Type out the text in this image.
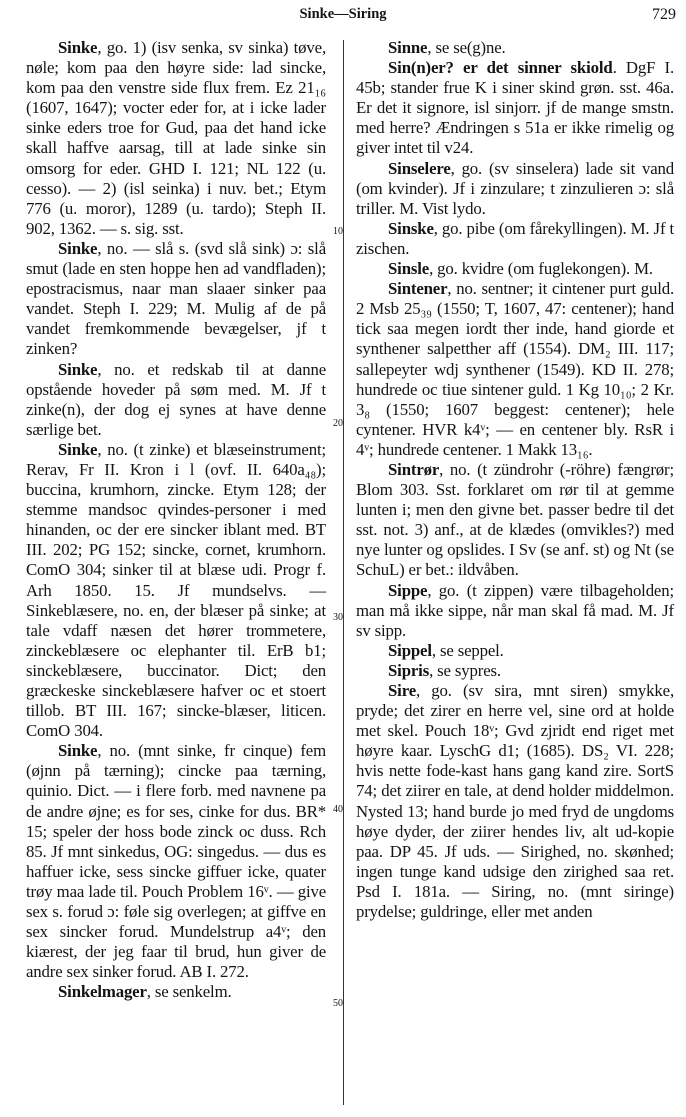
Sinke—Siring	729
10
20
30
40
50

Sinke, go. 1) (isv senka, sv sinka) tøve, nøle; kom paa den høyre side: lad sincke, kom paa den venstre side flux frem. Ez 21₁₆ (1607, 1647); vocter eder for, at i icke lader sinke eders troe for Gud, paa det hand icke skall haffve aarsag, till at lade sinke sin omsorg for eder. GHD I. 121; NL 122 (u. cesso). — 2) (isl seinka) i nuv. bet.; Etym 776 (u. moror), 1289 (u. tardo); Steph II. 902, 1362. — s. sig. sst.

Sinke, no. — slå s. (svd slå sink) ɔ: slå smut (lade en sten hoppe hen ad vandfladen); epostracismus, naar man slaaer sinker paa vandet. Steph I. 229; M. Mulig af de på vandet fremkommende bevægelser, jf t zinken?

Sinke, no. et redskab til at danne opstående hoveder på søm med. M. Jf t zinke(n), der dog ej synes at have denne særlige bet.

Sinke, no. (t zinke) et blæseinstrument; Rerav, Fr II. Kron i l (ovf. II. 640a₄₈); buccina, krumhorn, zincke. Etym 128; der stemme mandsoc qvindes-personer i med hinanden, oc der ere sincker iblant med. BT III. 202; PG 152; sincke, cornet, krumhorn. ComO 304; sinker til at blæse udi. Progr f. Arh 1850. 15. Jf mundselvs. — Sinkeblæsere, no. en, der blæser på sinke; at tale vdaff næsen det hører trommetere, zinckeblæsere oc elephanter til. ErB b1; sinckeblæsere, buccinator. Dict; den græckeske sinckeblæsere hafver oc et stoert tillob. BT III. 167; sincke-blæser, liticen. ComO 304.

Sinke, no. (mnt sinke, fr cinque) fem (øjnn på tærning); cincke paa tærning, quinio. Dict. — i flere forb. med navnene pa de andre øjne; es for ses, cinke for dus. BR* 15; speler der hoss bode zinck oc duss. Rch 85. Jf mnt sinkedus, OG: singedus. — dus es haffuer icke, sess sincke giffuer icke, quater trøy maa lade til. Pouch Problem 16ᵛ. — give sex s. forud ɔ: føle sig overlegen; at giffve en sex sincker forud. Mundelstrup a4ᵛ; den kiærest, der jeg faar til brud, hun giver de andre sex sinker forud. AB I. 272.

Sinkelmager, se senkelm.

Sinne, se se(g)ne.

Sin(n)er? er det sinner skiold. DgF I. 45b; stander frue K i siner skind grøn. sst. 46a. Er det it signore, isl sinjorr. jf de mange smstn. med herre? Ændringen s 51a er ikke rimelig og giver intet til v24.

Sinselere, go. (sv sinselera) lade sit vand (om kvinder). Jf i zinzulare; t zinzulieren ɔ: slå triller. M. Vist lydo.

Sinske, go. pibe (om fårekyllingen). M. Jf t zischen.

Sinsle, go. kvidre (om fuglekongen). M.

Sintener, no. sentner; it cintener purt guld. 2 Msb 25₃₉ (1550; T, 1607, 47: centener); hand tick saa megen iordt ther inde, hand giorde et synthener salpetther aff (1554). DM₂ III. 117; sallepeyter wdj synthener (1549). KD II. 278; hundrede oc tiue sintener guld. 1 Kg 10₁₀; 2 Kr. 3₈ (1550; 1607 beggest: centener); hele cyntener. HVR k4ᵛ; — en centener bly. RsR i 4ᵛ; hundrede centener. 1 Makk 13₁₆.

Sintrør, no. (t zündrohr (-röhre) fængrør; Blom 303. Sst. forklaret om rør til at gemme lunten i; men den givne bet. passer bedre til det sst. not. 3) anf., at de klædes (omvikles?) med nye lunter og opslides. I Sv (se anf. st) og Nt (se SchuL) er bet.: ildvåben.

Sippe, go. (t zippen) være tilbageholden; man må ikke sippe, når man skal få mad. M. Jf sv sipp.

Sippel, se seppel.

Sipris, se sypres.

Sire, go. (sv sira, mnt siren) smykke, pryde; det zirer en herre vel, sine ord at holde met skel. Pouch 18ᵛ; Gvd zjridt end riget met høyre kaar. LyschG d1; (1685). DS₂ VI. 228; hvis nette fode-kast hans gang kand zire. SortS 74; det ziirer en tale, at dend holder middelmon. Nysted 13; hand burde jo med fryd de ungdoms høye dyder, der ziirer hendes liv, alt ud-kopie paa. DP 45. Jf uds. — Sirighed, no. skønhed; ingen tunge kand udsige den zirighed saa ret. Psd I. 181a. — Siring, no. (mnt siringe) prydelse; guldringe, eller met anden
